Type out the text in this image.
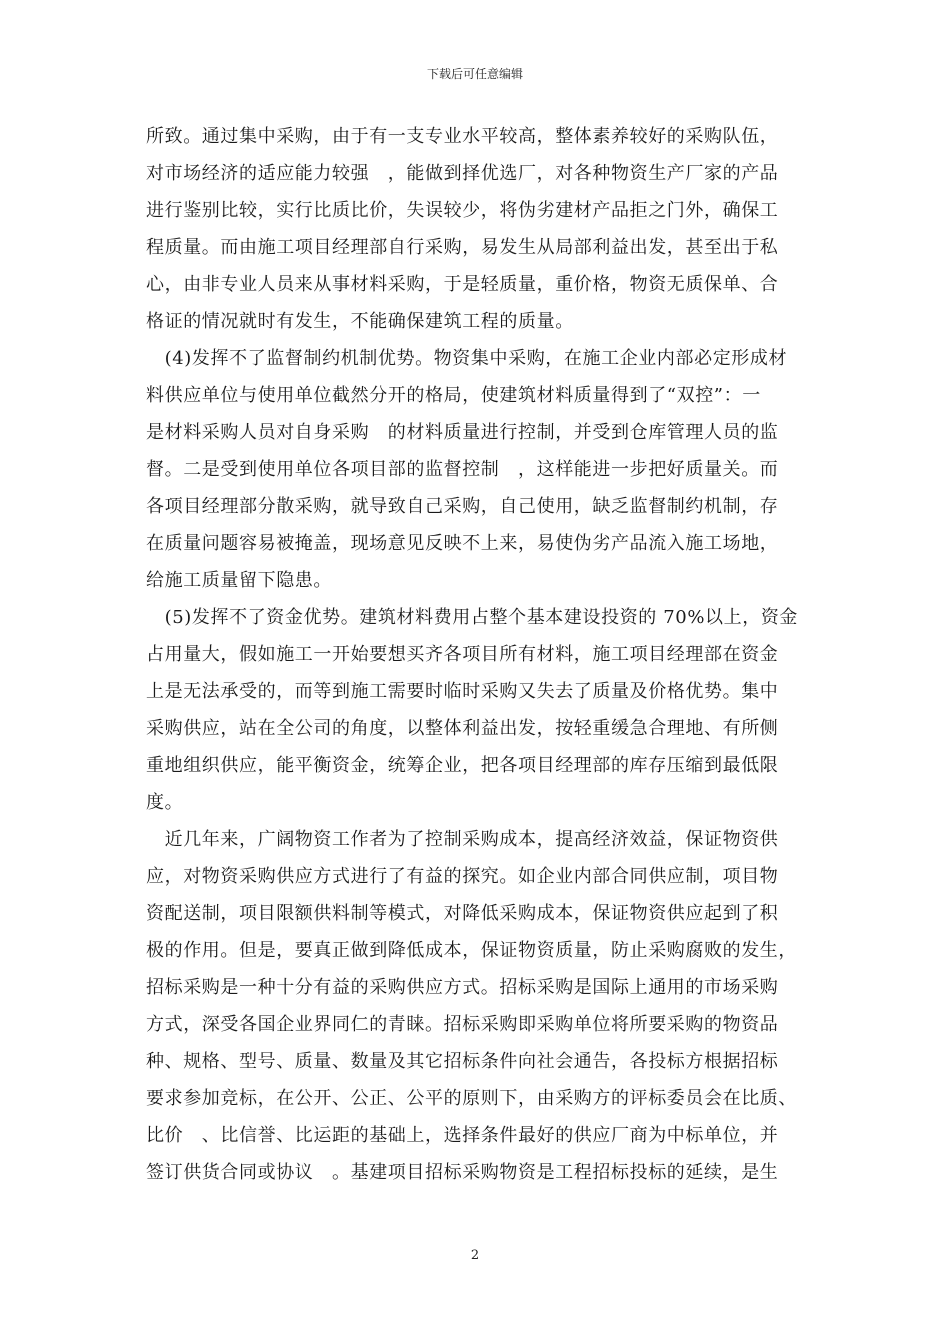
下载后可任意编辑
所致。通过集中采购，由于有一支专业水平较高，整体素养较好的采购队伍，
对市场经济的适应能力较强　，能做到择优选厂，对各种物资生产厂家的产品
进行鉴别比较，实行比质比价，失误较少，将伪劣建材产品拒之门外，确保工
程质量。而由施工项目经理部自行采购，易发生从局部利益出发，甚至出于私
心，由非专业人员来从事材料采购，于是轻质量，重价格，物资无质保单、合
格证的情况就时有发生，不能确保建筑工程的质量。
　(4)发挥不了监督制约机制优势。物资集中采购，在施工企业内部必定形成材
料供应单位与使用单位截然分开的格局，使建筑材料质量得到了“双控”：一
是材料采购人员对自身采购　的材料质量进行控制，并受到仓库管理人员的监
督。二是受到使用单位各项目部的监督控制　，这样能进一步把好质量关。而
各项目经理部分散采购，就导致自己采购，自己使用，缺乏监督制约机制，存
在质量问题容易被掩盖，现场意见反映不上来，易使伪劣产品流入施工场地，
给施工质量留下隐患。
　(5)发挥不了资金优势。建筑材料费用占整个基本建设投资的 70%以上，资金
占用量大，假如施工一开始要想买齐各项目所有材料，施工项目经理部在资金
上是无法承受的，而等到施工需要时临时采购又失去了质量及价格优势。集中
采购供应，站在全公司的角度，以整体利益出发，按轻重缓急合理地、有所侧
重地组织供应，能平衡资金，统筹企业，把各项目经理部的库存压缩到最低限
度。
　近几年来，广阔物资工作者为了控制采购成本，提高经济效益，保证物资供
应，对物资采购供应方式进行了有益的探究。如企业内部合同供应制，项目物
资配送制，项目限额供料制等模式，对降低采购成本，保证物资供应起到了积
极的作用。但是，要真正做到降低成本，保证物资质量，防止采购腐败的发生，
招标采购是一种十分有益的采购供应方式。招标采购是国际上通用的市场采购
方式，深受各国企业界同仁的青睐。招标采购即采购单位将所要采购的物资品
种、规格、型号、质量、数量及其它招标条件向社会通告，各投标方根据招标
要求参加竞标，在公开、公正、公平的原则下，由采购方的评标委员会在比质、
比价　、比信誉、比运距的基础上，选择条件最好的供应厂商为中标单位，并
签订供货合同或协议　。基建项目招标采购物资是工程招标投标的延续，是生
2
